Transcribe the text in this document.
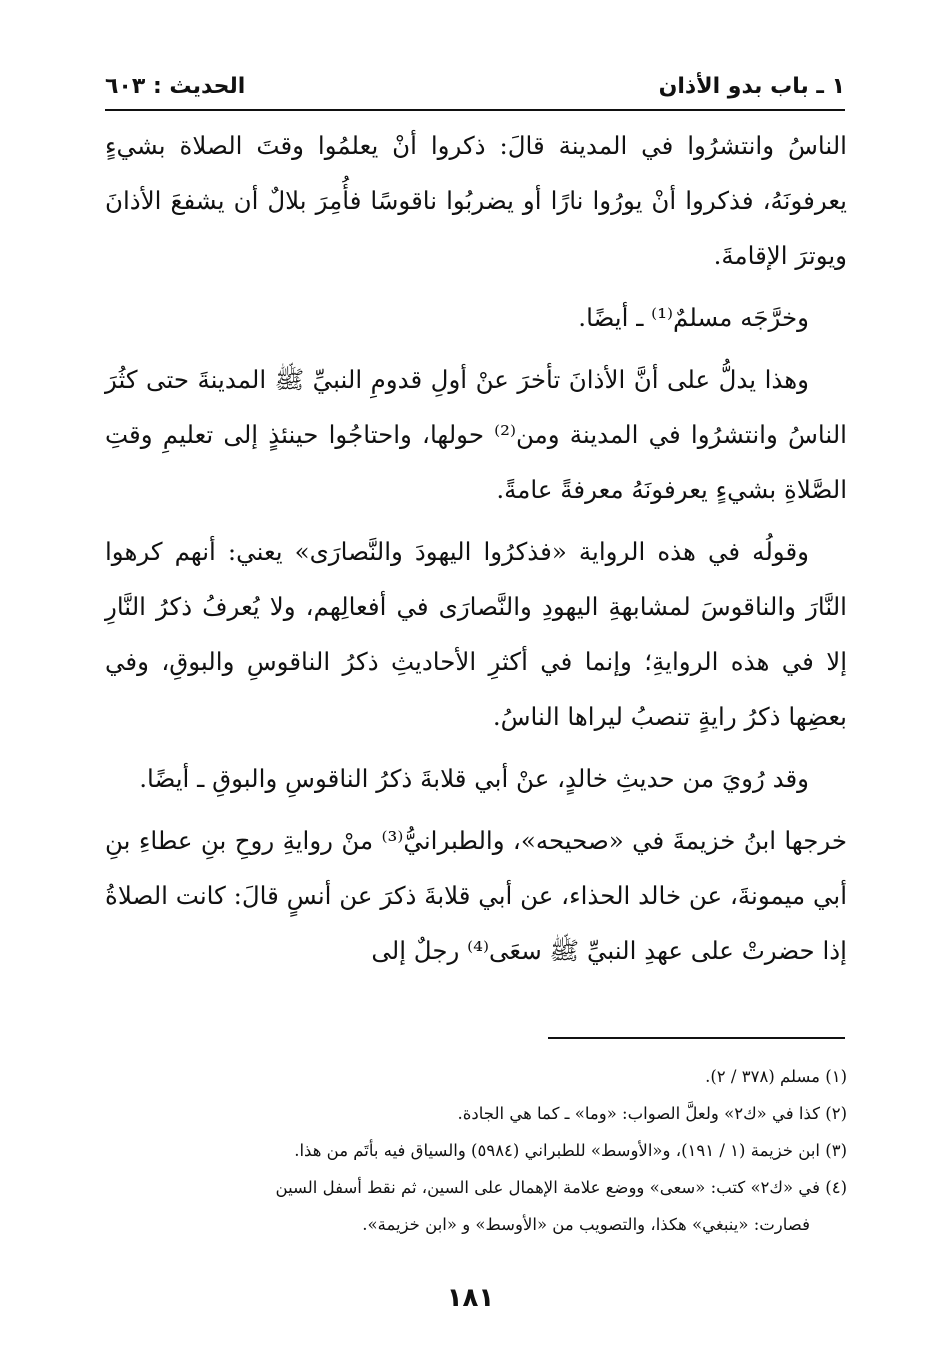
١ ـ باب بدو الأذان
الحديث : ٦٠٣

الناسُ وانتشرُوا في المدينة قالَ: ذكروا أنْ يعلمُوا وقتَ الصلاة بشيءٍ يعرفونَهُ، فذكروا أنْ يورُوا نارًا أو يضربُوا ناقوسًا فأُمِرَ بلالٌ أن يشفعَ الأذانَ ويوترَ الإقامةَ.

وخرَّجَه مسلمٌ⁽¹⁾ ـ أيضًا.

وهذا يدلُّ على أنَّ الأذانَ تأخرَ عنْ أولِ قدومِ النبيِّ ﷺ المدينةَ حتى كثُرَ الناسُ وانتشرُوا في المدينة ومن⁽²⁾ حولها، واحتاجُوا حينئذٍ إلى تعليمِ وقتِ الصَّلاةِ بشيءٍ يعرفونَهُ معرفةً عامةً.

وقولُه في هذه الرواية «فذكرُوا اليهودَ والنَّصارَى» يعني: أنهم كرهوا النَّارَ والناقوسَ لمشابهةِ اليهودِ والنَّصارَى في أفعالِهم، ولا يُعرفُ ذكرُ النَّارِ إلا في هذه الروايةِ؛ وإنما في أكثرِ الأحاديثِ ذكرُ الناقوسِ والبوقِ، وفي بعضِها ذكرُ رايةٍ تنصبُ ليراها الناسُ.

وقد رُويَ من حديثِ خالدٍ، عنْ أبي قلابةَ ذكرُ الناقوسِ والبوقِ ـ أيضًا.

خرجها ابنُ خزيمةَ في «صحيحه»، والطبرانيُّ⁽³⁾ منْ روايةِ روحِ بنِ عطاءِ بنِ أبي ميمونةَ، عن خالد الحذاء، عن أبي قلابةَ ذكرَ عن أنسٍ قالَ: كانت الصلاةُ إذا حضرتْ على عهدِ النبيِّ ﷺ سعَى⁽⁴⁾ رجلٌ إلى

(١) مسلم (٣٧٨ / ٢).

(٢) كذا في «ك٢» ولعلَّ الصواب: «وما» ـ كما هي الجادة.

(٣) ابن خزيمة (١ / ١٩١)، و«الأوسط» للطبراني (٥٩٨٤) والسياق فيه بأتَم من هذا.

(٤) في «ك٢» كتب: «سعى» ووضع علامة الإهمال على السين، ثم نقط أسفل السين

فصارت: «ينبغي» هكذا، والتصويب من «الأوسط» و «ابن خزيمة».

١٨١
